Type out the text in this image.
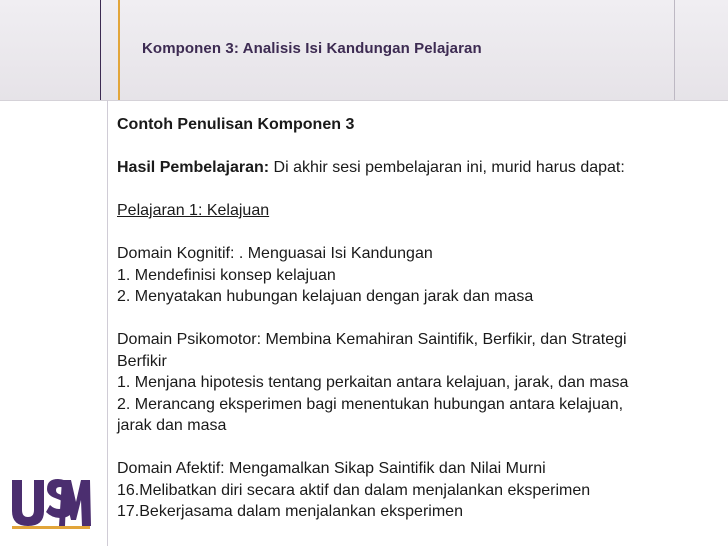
Komponen 3: Analisis Isi Kandungan Pelajaran

Contoh Penulisan Komponen 3

Hasil Pembelajaran: Di akhir sesi pembelajaran ini, murid harus dapat:

Pelajaran 1: Kelajuan

Domain Kognitif: . Menguasai Isi Kandungan

1. Mendefinisi konsep kelajuan

2. Menyatakan hubungan kelajuan dengan jarak dan masa

Domain Psikomotor: Membina Kemahiran Saintifik, Berfikir, dan Strategi

Berfikir

1. Menjana hipotesis tentang perkaitan antara kelajuan, jarak, dan masa

2. Merancang eksperimen bagi menentukan hubungan antara kelajuan,

jarak dan masa

Domain Afektif: Mengamalkan Sikap Saintifik dan Nilai Murni

16.Melibatkan diri secara aktif dan dalam menjalankan eksperimen

17.Bekerjasama dalam menjalankan eksperimen
